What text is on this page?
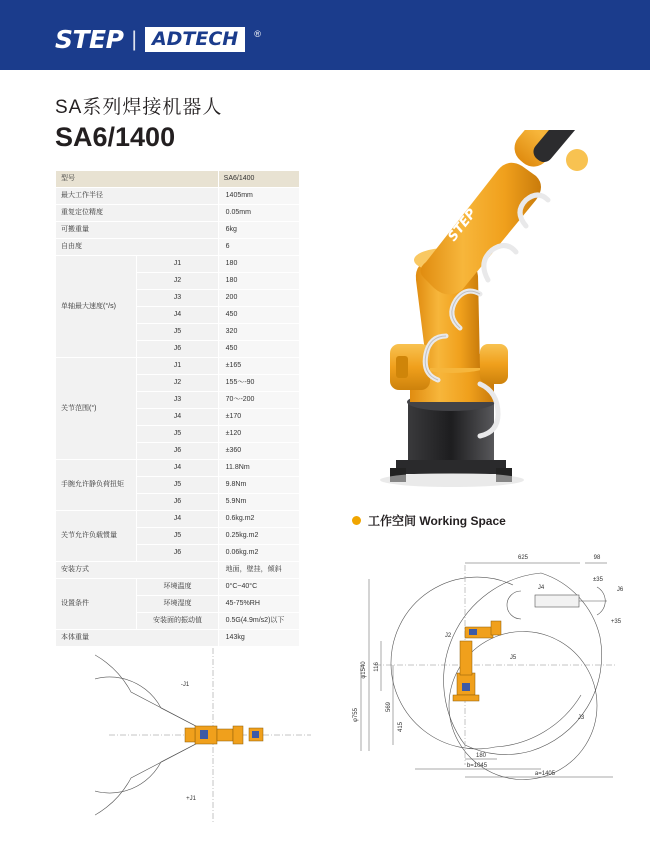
STEP | ADTECH	®
SA系列焊接机器人
SA6/1400
型号		SA6/1400
最大工作半径		1405mm
重复定位精度		0.05mm
可搬重量		6kg
自由度		6
单轴最大速度(°/s)	J1	180
	J2	180
	J3	200
	J4	450
	J5	320
	J6	450
关节范围(°)	J1	±165
	J2	155〜-90
	J3	70〜-200
	J4	±170
	J5	±120
	J6	±360
手腕允许静负荷扭矩	J4	11.8Nm
	J5	9.8Nm
	J6	5.9Nm
关节允许负载惯量	J4	0.6kg.m2
	J5	0.25kg.m2
	J6	0.06kg.m2
安装方式		地面，壁挂，倾斜
设置条件	环境温度	0°C~40°C
	环境湿度	45-75%RH
	安装面的振动值	0.5G(4.9m/s2)以下
本体重量		143kg
STEP
工作空间 Working Space
625	98
φ1540 116
569
415
φ755
b=1045
180
a=1405
J4
±35
J6
+35
J2
J5
J3
-J1
+J1
